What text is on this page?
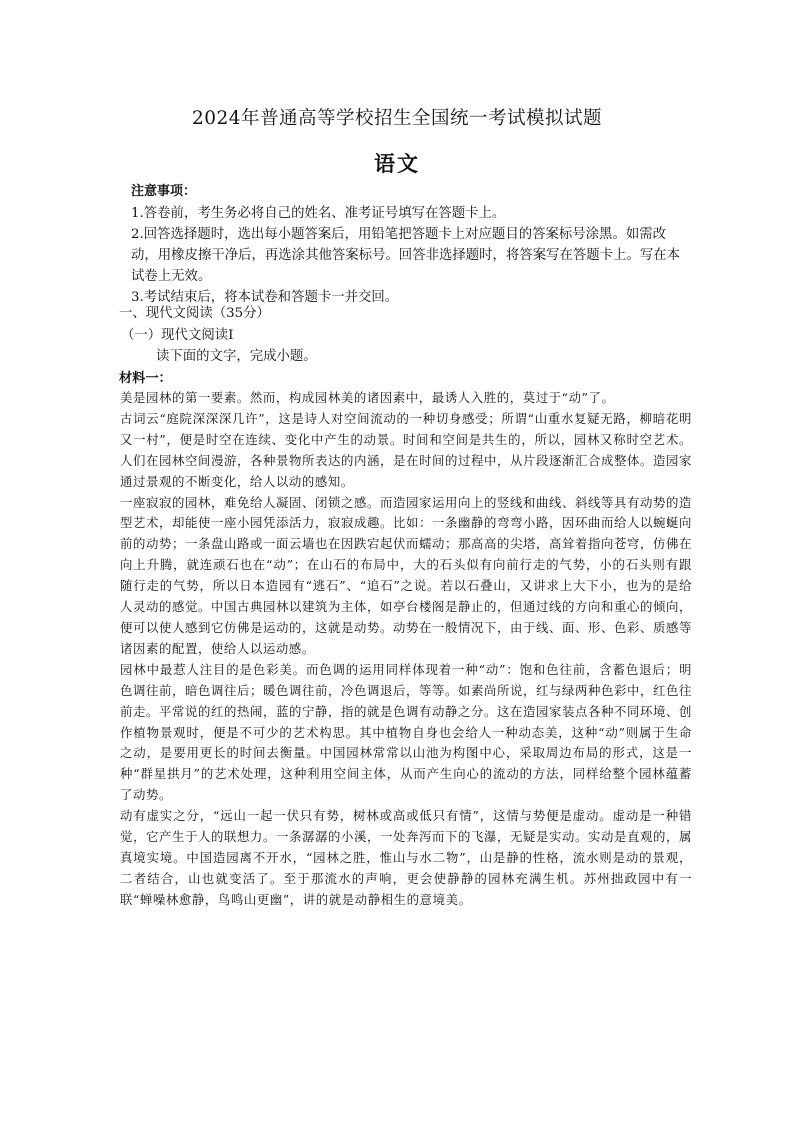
2024年普通高等学校招生全国统一考试模拟试题
语文

注意事项：

1.答卷前，考生务必将自己的姓名、准考证号填写在答题卡上。

2.回答选择题时，选出每小题答案后，用铅笔把答题卡上对应题目的答案标号涂黑。如需改动，用橡皮擦干净后，再选涂其他答案标号。回答非选择题时，将答案写在答题卡上。写在本试卷上无效。

3.考试结束后，将本试卷和答题卡一并交回。

一、现代文阅读（35分）

（一）现代文阅读Ⅰ

读下面的文字，完成小题。

材料一：

美是园林的第一要素。然而，构成园林美的诸因素中，最诱人入胜的，莫过于“动”了。

古词云“庭院深深深几许”，这是诗人对空间流动的一种切身感受；所谓“山重水复疑无路，柳暗花明又一村”，便是时空在连续、变化中产生的动景。时间和空间是共生的，所以，园林又称时空艺术。人们在园林空间漫游，各种景物所表达的内涵，是在时间的过程中，从片段逐渐汇合成整体。造园家通过景观的不断变化，给人以动的感知。

一座寂寂的园林，难免给人凝固、闭锁之感。而造园家运用向上的竖线和曲线、斜线等具有动势的造型艺术，却能使一座小园凭添活力，寂寂成趣。比如：一条幽静的弯弯小路，因环曲而给人以蜿蜒向前的动势；一条盘山路或一面云墙也在因跌宕起伏而蠕动；那高高的尖塔，高耸着指向苍穹，仿佛在向上升腾，就连顽石也在“动”；在山石的布局中，大的石头似有向前行走的气势，小的石头则有跟随行走的气势，所以日本造园有“逃石”、“追石”之说。若以石叠山，又讲求上大下小，也为的是给人灵动的感觉。中国古典园林以建筑为主体，如亭台楼阁是静止的，但通过线的方向和重心的倾向，便可以使人感到它仿佛是运动的，这就是动势。动势在一般情况下，由于线、面、形、色彩、质感等诸因素的配置，使给人以运动感。

园林中最惹人注目的是色彩美。而色调的运用同样体现着一种“动”：饱和色往前，含蓄色退后；明色调往前，暗色调往后；暖色调往前，冷色调退后，等等。如素尚所说，红与绿两种色彩中，红色往前走。平常说的红的热闹，蓝的宁静，指的就是色调有动静之分。这在造园家装点各种不同环境、创作植物景观时，便是不可少的艺术构思。其中植物自身也会给人一种动态美，这种“动”则属于生命之动，是要用更长的时间去衡量。中国园林常常以山池为构图中心，采取周边布局的形式，这是一种“群星拱月”的艺术处理，这种利用空间主体，从而产生向心的流动的方法，同样给整个园林蕴蓄了动势。

动有虚实之分，“远山一起一伏只有势，树林或高或低只有情”，这情与势便是虚动。虚动是一种错觉，它产生于人的联想力。一条潺潺的小溪，一处奔泻而下的飞瀑，无疑是实动。实动是直观的，属真境实境。中国造园离不开水，“园林之胜，惟山与水二物”，山是静的性格，流水则是动的景观，二者结合，山也就变活了。至于那流水的声响，更会使静静的园林充满生机。苏州拙政园中有一联“蝉噪林愈静，鸟鸣山更幽”，讲的就是动静相生的意境美。
